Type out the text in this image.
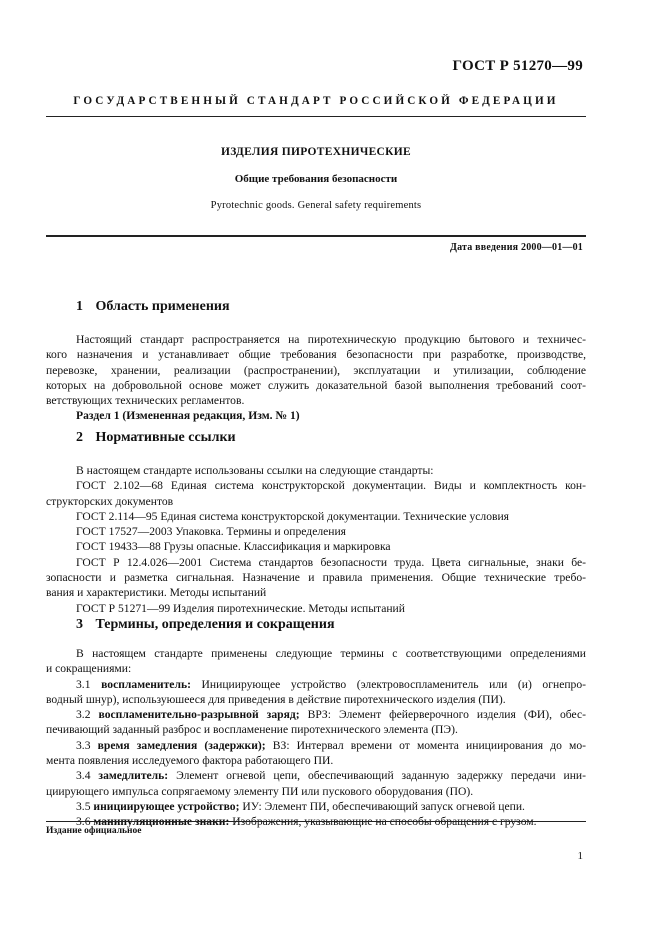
ГОСТ Р 51270—99
ГОСУДАРСТВЕННЫЙ СТАНДАРТ РОССИЙСКОЙ ФЕДЕРАЦИИ
ИЗДЕЛИЯ ПИРОТЕХНИЧЕСКИЕ
Общие требования безопасности
Pyrotechnic goods. General safety requirements
Дата введения 2000—01—01
1 Область применения
Настоящий стандарт распространяется на пиротехническую продукцию бытового и техничес-
кого назначения и устанавливает общие требования безопасности при разработке, производстве,
перевозке, хранении, реализации (распространении), эксплуатации и утилизации, соблюдение
которых на добровольной основе может служить доказательной базой выполнения требований соот-
ветствующих технических регламентов.
Раздел 1 (Измененная редакция, Изм. № 1)
2 Нормативные ссылки
В настоящем стандарте использованы ссылки на следующие стандарты:
ГОСТ 2.102—68 Единая система конструкторской документации. Виды и комплектность кон-
структорских документов
ГОСТ 2.114—95 Единая система конструкторской документации. Технические условия
ГОСТ 17527—2003 Упаковка. Термины и определения
ГОСТ 19433—88 Грузы опасные. Классификация и маркировка
ГОСТ Р 12.4.026—2001 Система стандартов безопасности труда. Цвета сигнальные, знаки бе-
зопасности и разметка сигнальная. Назначение и правила применения. Общие технические требо-
вания и характеристики. Методы испытаний
ГОСТ Р 51271—99 Изделия пиротехнические. Методы испытаний
3 Термины, определения и сокращения
В настоящем стандарте применены следующие термины с соответствующими определениями
и сокращениями:
3.1 воспламенитель: Инициирующее устройство (электровоспламенитель или (и) огнепро-
водный шнур), используюшееся для приведения в действие пиротехнического изделия (ПИ).
3.2 воспламенительно-разрывной заряд; ВРЗ: Элемент фейерверочного изделия (ФИ), обес-
печивающий заданный разброс и воспламенение пиротехнического элемента (ПЭ).
3.3 время замедления (задержки); ВЗ: Интервал времени от момента инициирования до мо-
мента появления исследуемого фактора работающего ПИ.
3.4 замедлитель: Элемент огневой цепи, обеспечивающий заданную задержку передачи ини-
циирующего импульса сопрягаемому элементу ПИ или пускового оборудования (ПО).
3.5 инициирующее устройство; ИУ: Элемент ПИ, обеспечивающий запуск огневой цепи.
3.6 манипуляционные знаки: Изображения, указывающие на способы обращения с грузом.
Издание официальное
1
